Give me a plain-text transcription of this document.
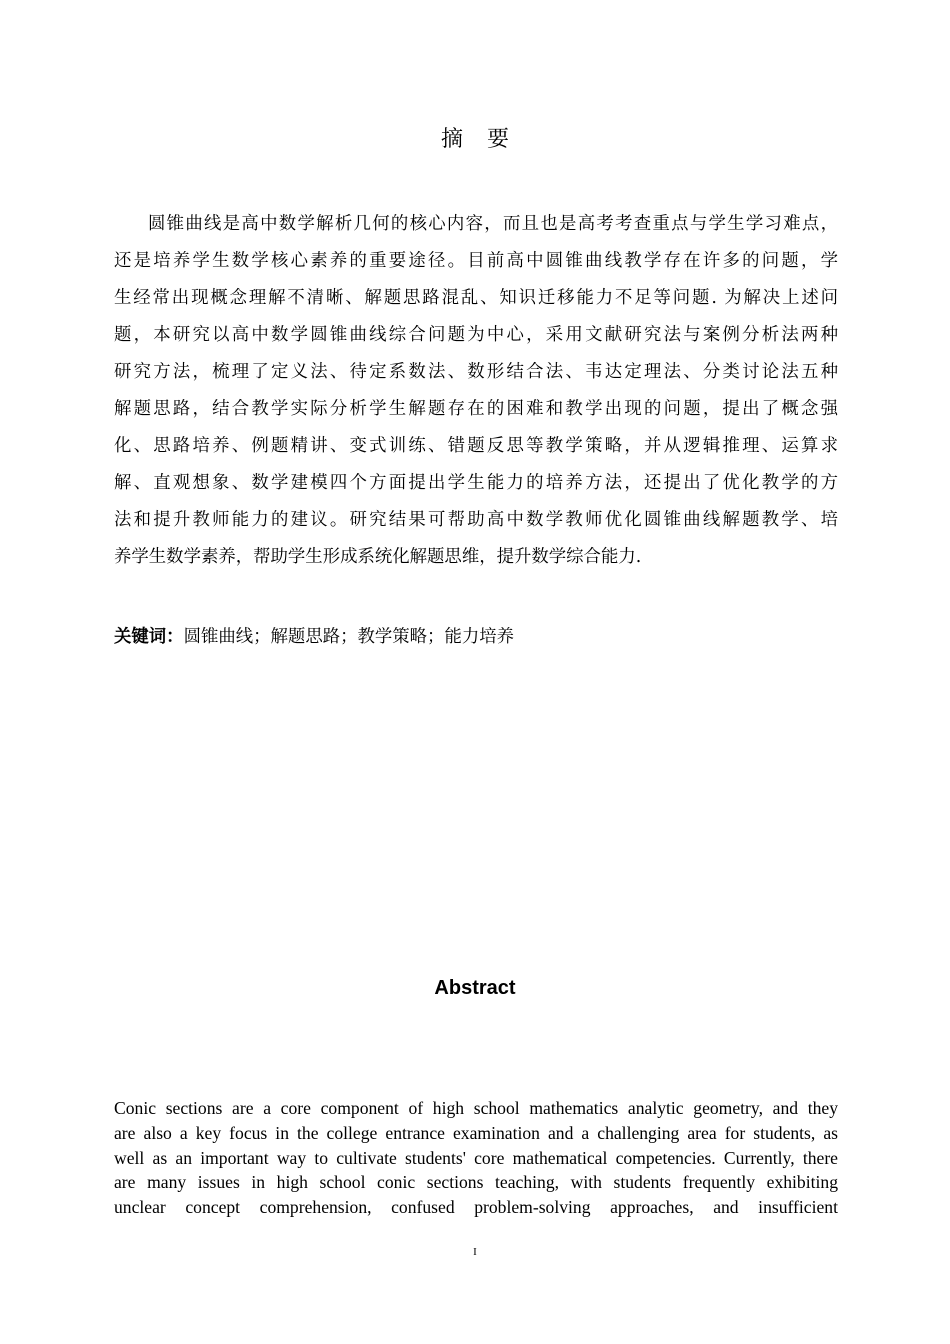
摘 要
圆锥曲线是高中数学解析几何的核心内容，而且也是高考考查重点与学生学习难点，
还是培养学生数学核心素养的重要途径。目前高中圆锥曲线教学存在许多的问题，学
生经常出现概念理解不清晰、解题思路混乱、知识迁移能力不足等问题. 为解决上述问
题，本研究以高中数学圆锥曲线综合问题为中心，采用文献研究法与案例分析法两种
研究方法，梳理了定义法、待定系数法、数形结合法、韦达定理法、分类讨论法五种
解题思路，结合教学实际分析学生解题存在的困难和教学出现的问题，提出了概念强
化、思路培养、例题精讲、变式训练、错题反思等教学策略，并从逻辑推理、运算求
解、直观想象、数学建模四个方面提出学生能力的培养方法，还提出了优化教学的方
法和提升教师能力的建议。研究结果可帮助高中数学教师优化圆锥曲线解题教学、培
养学生数学素养，帮助学生形成系统化解题思维，提升数学综合能力.

关键词：圆锥曲线；解题思路；教学策略；能力培养

Abstract
Conic sections are a core component of high school mathematics analytic geometry, and they
are also a key focus in the college entrance examination and a challenging area for students, as
well as an important way to cultivate students' core mathematical competencies. Currently, there
are many issues in high school conic sections teaching, with students frequently exhibiting
unclear concept comprehension, confused problem-solving approaches, and insufficient

I
